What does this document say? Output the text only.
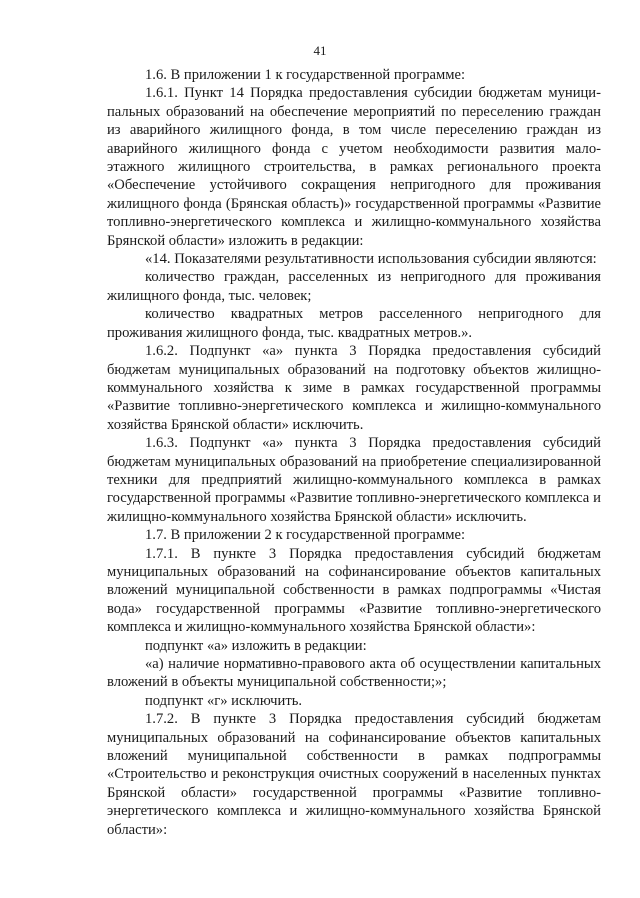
41

1.6. В приложении 1 к государственной программе:

1.6.1. Пункт 14 Порядка предоставления субсидии бюджетам муниципальных образований на обеспечение мероприятий по переселению граждан из аварийного жилищного фонда, в том числе переселению граждан из аварийного жилищного фонда с учетом необходимости развития малоэтажного жилищного строительства, в рамках регионального проекта «Обеспечение устойчивого сокращения непригодного для проживания жилищного фонда (Брянская область)» государственной программы «Развитие топливно-энергетического комплекса и жилищно-коммунального хозяйства Брянской области» изложить в редакции:

«14. Показателями результативности использования субсидии являются:

количество граждан, расселенных из непригодного для проживания жилищного фонда, тыс. человек;

количество квадратных метров расселенного непригодного для проживания жилищного фонда, тыс. квадратных метров.».

1.6.2. Подпункт «а» пункта 3 Порядка предоставления субсидий бюджетам муниципальных образований на подготовку объектов жилищно-коммунального хозяйства к зиме в рамках государственной программы «Развитие топливно-энергетического комплекса и жилищно-коммунального хозяйства Брянской области» исключить.

1.6.3. Подпункт «а» пункта 3 Порядка предоставления субсидий бюджетам муниципальных образований на приобретение специализированной техники для предприятий жилищно-коммунального комплекса в рамках государственной программы «Развитие топливно-энергетического комплекса и жилищно-коммунального хозяйства Брянской области» исключить.

1.7. В приложении 2 к государственной программе:

1.7.1. В пункте 3 Порядка предоставления субсидий бюджетам муниципальных образований на софинансирование объектов капитальных вложений муниципальной собственности в рамках подпрограммы «Чистая вода» государственной программы «Развитие топливно-энергетического комплекса и жилищно-коммунального хозяйства Брянской области»:

подпункт «а» изложить в редакции:

«а) наличие нормативно-правового акта об осуществлении капитальных вложений в объекты муниципальной собственности;»;

подпункт «г» исключить.

1.7.2. В пункте 3 Порядка предоставления субсидий бюджетам муниципальных образований на софинансирование объектов капитальных вложений муниципальной собственности в рамках подпрограммы «Строительство и реконструкция очистных сооружений в населенных пунктах Брянской области» государственной программы «Развитие топливно-энергетического комплекса и жилищно-коммунального хозяйства Брянской области»:
